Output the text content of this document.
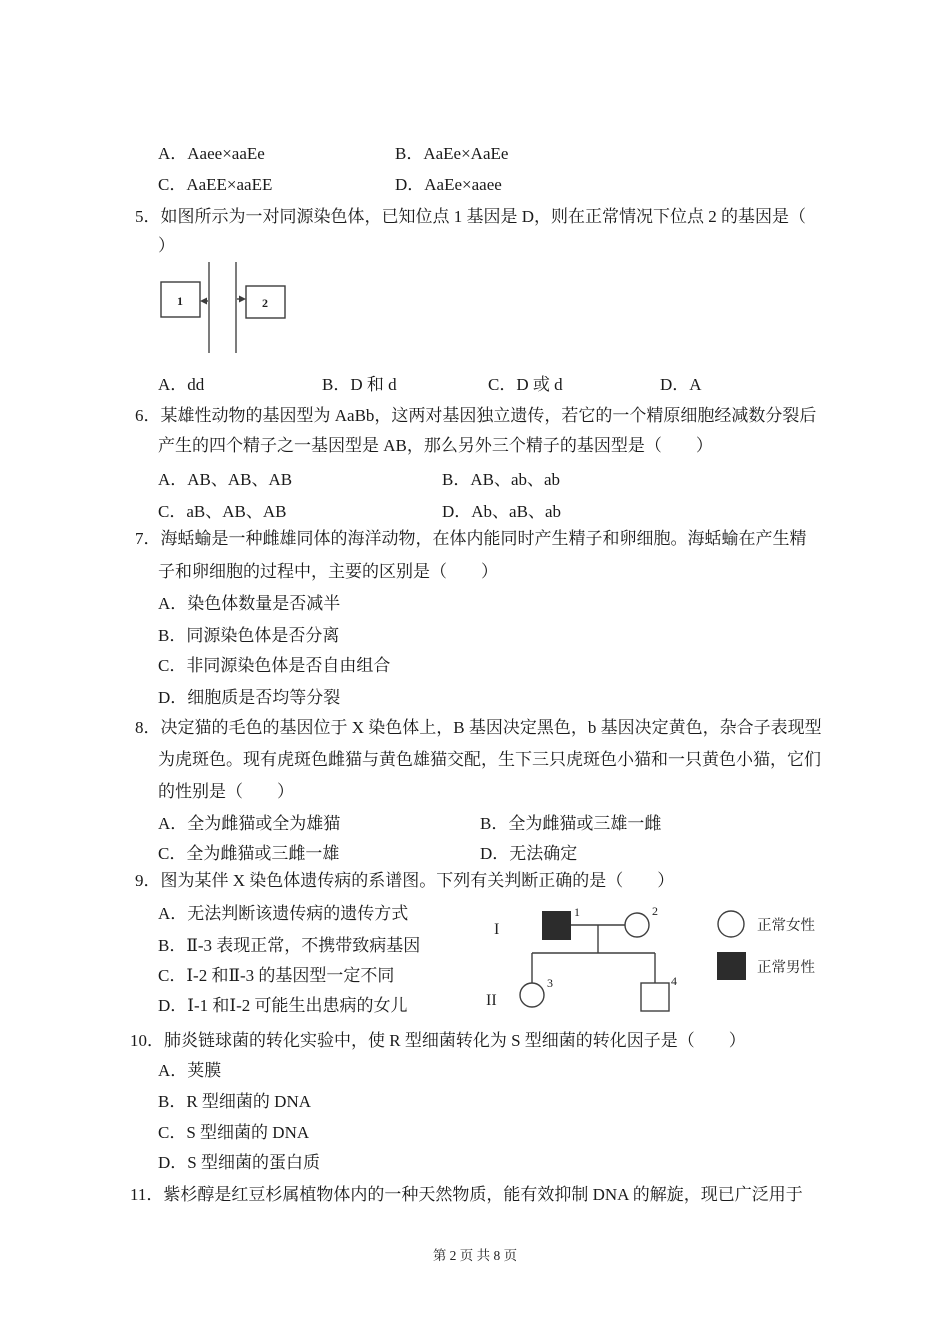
A．Aaee×aaEe	B．AaEe×AaEe
C．AaEE×aaEE	D．AaEe×aaee
5．如图所示为一对同源染色体，已知位点 1 基因是 D，则在正常情况下位点 2 的基因是（
）
1	2
A．dd	B．D 和 d	C．D 或 d	D．A
6．某雄性动物的基因型为 AaBb，这两对基因独立遗传，若它的一个精原细胞经减数分裂后
产生的四个精子之一基因型是 AB，那么另外三个精子的基因型是（　　）
A．AB、AB、AB	B．AB、ab、ab
C．aB、AB、AB	D．Ab、aB、ab
7．海蛞蝓是一种雌雄同体的海洋动物，在体内能同时产生精子和卵细胞。海蛞蝓在产生精
子和卵细胞的过程中，主要的区别是（　　）
A．染色体数量是否减半
B．同源染色体是否分离
C．非同源染色体是否自由组合
D．细胞质是否均等分裂
8．决定猫的毛色的基因位于 X 染色体上，B 基因决定黑色，b 基因决定黄色，杂合子表现型
为虎斑色。现有虎斑色雌猫与黄色雄猫交配，生下三只虎斑色小猫和一只黄色小猫，它们
的性别是（　　）
A．全为雌猫或全为雄猫	B．全为雌猫或三雄一雌
C．全为雌猫或三雌一雄	D．无法确定
9．图为某伴 X 染色体遗传病的系谱图。下列有关判断正确的是（　　）
A．无法判断该遗传病的遗传方式
B．Ⅱ-3 表现正常，不携带致病基因
C．Ⅰ-2 和Ⅱ-3 的基因型一定不同
D．Ⅰ-1 和Ⅰ-2 可能生出患病的女儿
I
II
1	2
3	4
正常女性
正常男性
10．肺炎链球菌的转化实验中，使 R 型细菌转化为 S 型细菌的转化因子是（　　）
A．荚膜
B．R 型细菌的 DNA
C．S 型细菌的 DNA
D．S 型细菌的蛋白质
11．紫杉醇是红豆杉属植物体内的一种天然物质，能有效抑制 DNA 的解旋，现已广泛用于
第 2 页 共 8 页
